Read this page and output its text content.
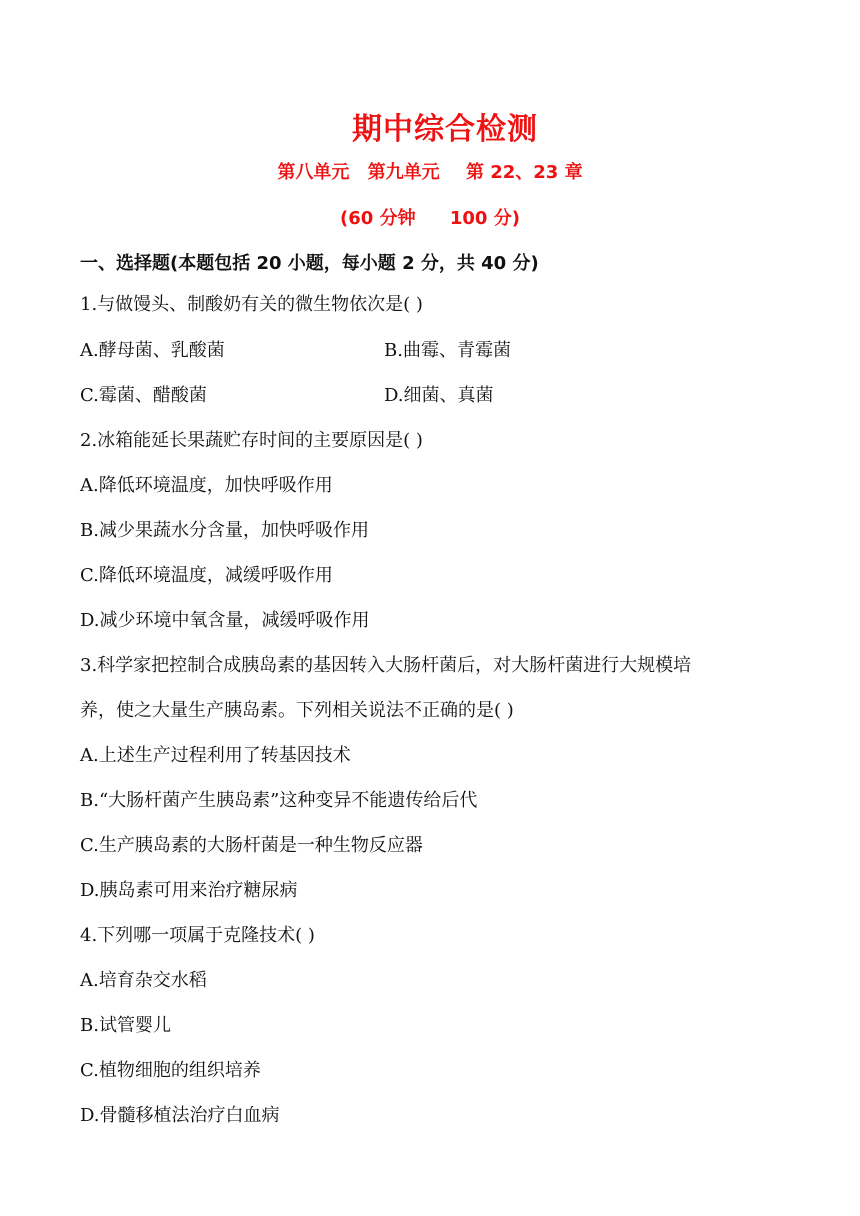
期中综合检测
第八单元 第九单元 第 22、23 章
(60 分钟 100 分)
一、选择题(本题包括 20 小题，每小题 2 分，共 40 分)
1.与做馒头、制酸奶有关的微生物依次是( )
A.酵母菌、乳酸菌	B.曲霉、青霉菌
C.霉菌、醋酸菌	D.细菌、真菌
2.冰箱能延长果蔬贮存时间的主要原因是( )
A.降低环境温度，加快呼吸作用
B.减少果蔬水分含量，加快呼吸作用
C.降低环境温度，减缓呼吸作用
D.减少环境中氧含量，减缓呼吸作用
3.科学家把控制合成胰岛素的基因转入大肠杆菌后，对大肠杆菌进行大规模培
养，使之大量生产胰岛素。下列相关说法不正确的是( )
A.上述生产过程利用了转基因技术
B.“大肠杆菌产生胰岛素”这种变异不能遗传给后代
C.生产胰岛素的大肠杆菌是一种生物反应器
D.胰岛素可用来治疗糖尿病
4.下列哪一项属于克隆技术( )
A.培育杂交水稻
B.试管婴儿
C.植物细胞的组织培养
D.骨髓移植法治疗白血病
